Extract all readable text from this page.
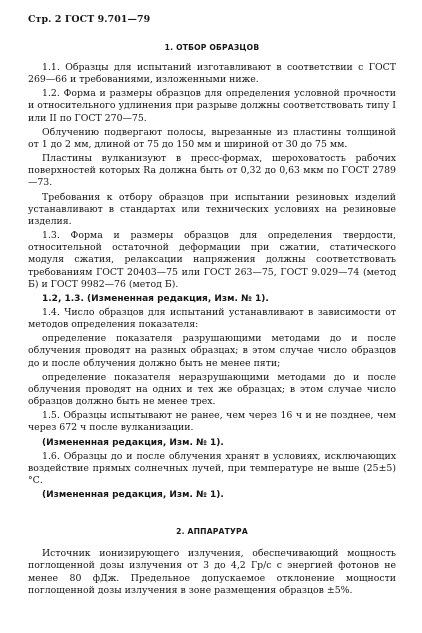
Стр. 2 ГОСТ 9.701—79
1. ОТБОР ОБРАЗЦОВ

1.1. Образцы для испытаний изготавливают в соответствии с ГОСТ 269—66 и требованиями, изложенными ниже.

1.2. Форма и размеры образцов для определения условной прочности и относительного удлинения при разрыве должны соответствовать типу I или II по ГОСТ 270—75.

Облучению подвергают полосы, вырезанные из пластины толщиной от 1 до 2 мм, длиной от 75 до 150 мм и шириной от 30 до 75 мм.

Пластины вулканизуют в пресс-формах, шероховатость рабочих поверхностей которых Ra должна быть от 0,32 до 0,63 мкм по ГОСТ 2789—73.

Требования к отбору образцов при испытании резиновых изделий устанавливают в стандартах или технических условиях на резиновые изделия.

1.3. Форма и размеры образцов для определения твердости, относительной остаточной деформации при сжатии, статического модуля сжатия, релаксации напряжения должны соответствовать требованиям ГОСТ 20403—75 или ГОСТ 263—75, ГОСТ 9.029—74 (метод Б) и ГОСТ 9982—76 (метод Б).

1.2, 1.3. (Измененная редакция, Изм. № 1).

1.4. Число образцов для испытаний устанавливают в зависимости от методов определения показателя:

определение показателя разрушающими методами до и после облучения проводят на разных образцах; в этом случае число образцов до и после облучения должно быть не менее пяти;

определение показателя неразрушающими методами до и после облучения проводят на одних и тех же образцах; в этом случае число образцов должно быть не менее трех.

1.5. Образцы испытывают не ранее, чем через 16 ч и не позднее, чем через 672 ч после вулканизации.

(Измененная редакция, Изм. № 1).

1.6. Образцы до и после облучения хранят в условиях, исключающих воздействие прямых солнечных лучей, при температуре не выше (25±5)°С.

(Измененная редакция, Изм. № 1).

2. АППАРАТУРА

Источник ионизирующего излучения, обеспечивающий мощность поглощенной дозы излучения от 3 до 4,2 Гр/с с энергией фотонов не менее 80 фДж. Предельное допускаемое отклонение мощности поглощенной дозы излучения в зоне размещения образцов ±5%.
